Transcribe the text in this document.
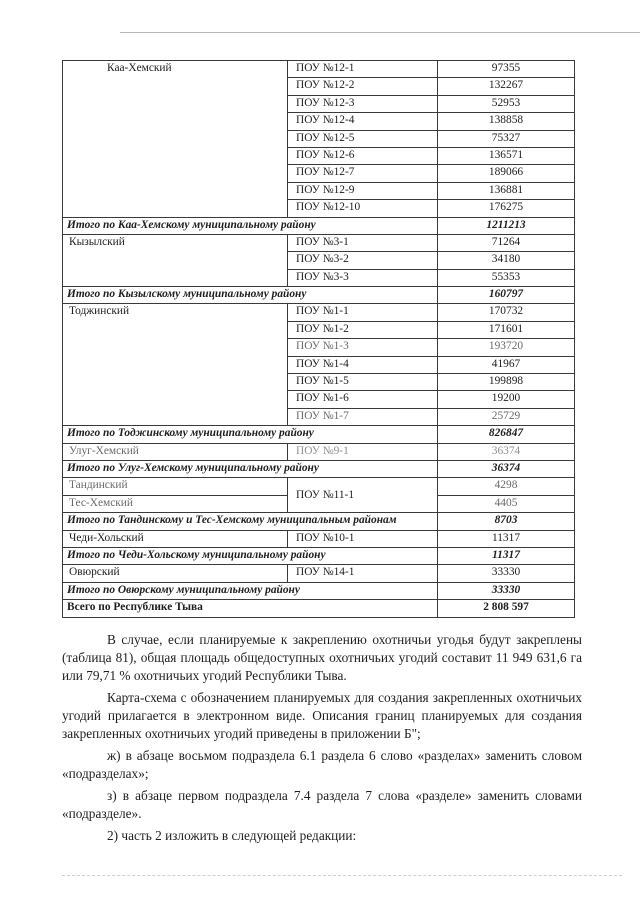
Каа-Хемский	ПОУ №12-1	97355
	ПОУ №12-2	132267
	ПОУ №12-3	52953
	ПОУ №12-4	138858
	ПОУ №12-5	75327
	ПОУ №12-6	136571
	ПОУ №12-7	189066
	ПОУ №12-9	136881
	ПОУ №12-10	176275
Итого по Каа-Хемскому муниципальному району		1211213
Кызылский	ПОУ №3-1	71264
	ПОУ №3-2	34180
	ПОУ №3-3	55353
Итого по Кызылскому муниципальному району		160797
Тоджинский	ПОУ №1-1	170732
	ПОУ №1-2	171601
	ПОУ №1-3	193720
	ПОУ №1-4	41967
	ПОУ №1-5	199898
	ПОУ №1-6	19200
	ПОУ №1-7	25729
Итого по Тоджинскому муниципальному району		826847
Улуг-Хемский	ПОУ №9-1	36374
Итого по Улуг-Хемскому муниципальному району		36374
Тандинский	ПОУ №11-1	4298
Тес-Хемский		4405
Итого по Тандинскому и Тес-Хемскому муниципальным районам		8703
Чеди-Хольский	ПОУ №10-1	11317
Итого по Чеди-Хольскому муниципальному району		11317
Овюрский	ПОУ №14-1	33330
Итого по Овюрскому муниципальному району		33330
Всего по Республике Тыва		2 808 597

В случае, если планируемые к закреплению охотничьи угодья будут закреплены (таблица 81), общая площадь общедоступных охотничьих угодий составит 11 949 631,6 га или 79,71 % охотничьих угодий Республики Тыва.

Карта-схема с обозначением планируемых для создания закрепленных охотничьих угодий прилагается в электронном виде. Описания границ планируемых для создания закрепленных охотничьих угодий приведены в приложении Б";

ж) в абзаце восьмом подраздела 6.1 раздела 6 слово «разделах» заменить словом «подразделах»;

з) в абзаце первом подраздела 7.4 раздела 7 слова «разделе» заменить словами «подразделе».

2) часть 2 изложить в следующей редакции:
